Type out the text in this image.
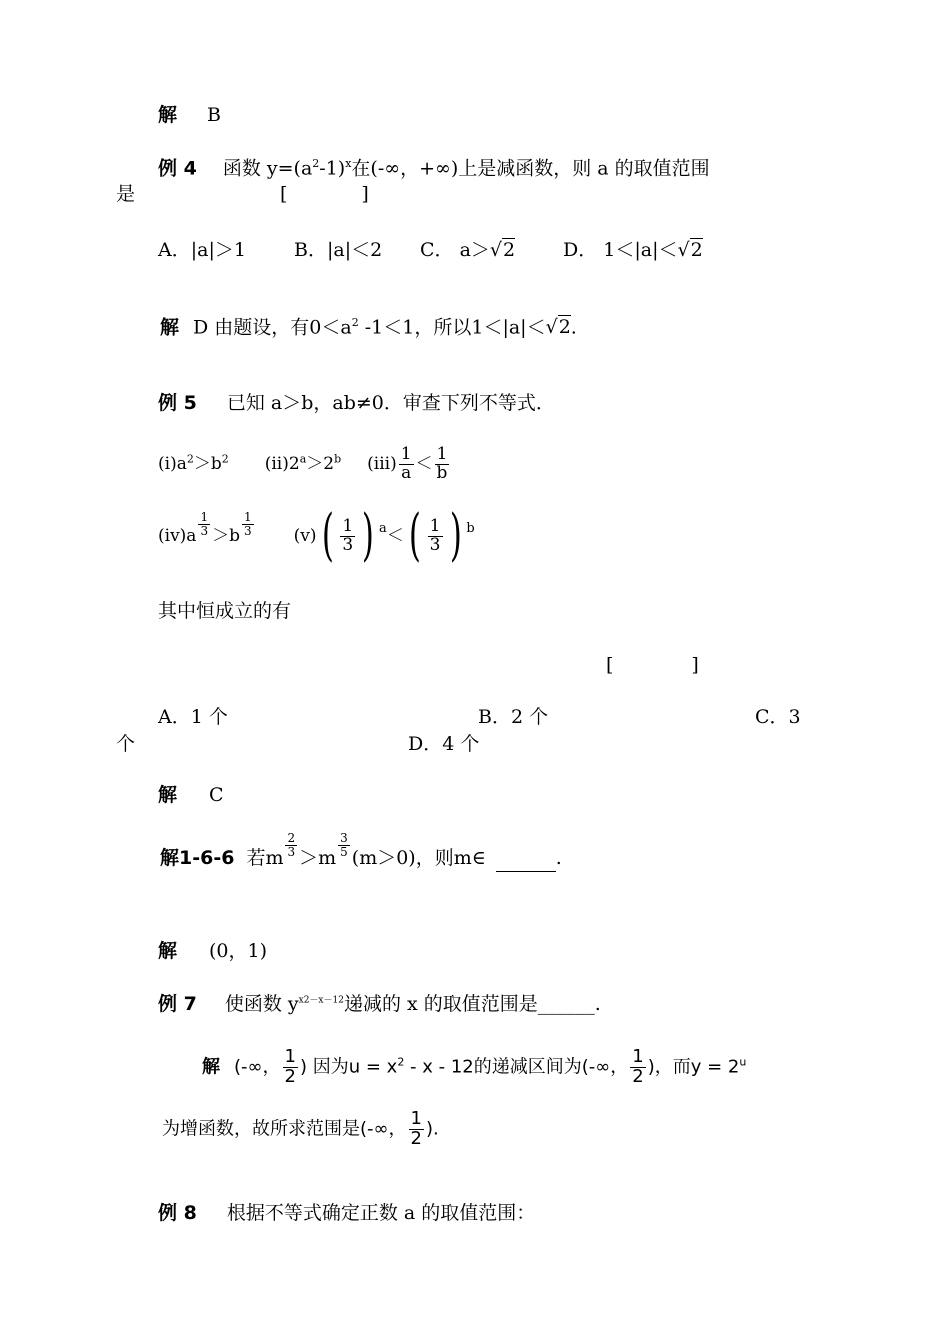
解 B
例 4 函数 $y=(a^2-1)^x$在(-∞，+∞)上是减函数，则 a 的取值范围
是	[	]
A．|a|＞1	B．|a|＜2 C． a＞√2	D． 1＜|a|＜√2
解 D 由题设，有$0<a^2$ -1＜1，所以1＜|a|＜√2.
例 5 已知 a＞b，ab≠0．审查下列不等式．
$(i)a^2>b^2$ $(ii)2^a>2^b$ $(iii) \frac{1}{a} < \frac{1}{b}$
$(iv)a \frac{1}{3} >b \frac{1}{3} (v)( \frac{1}{3}$ ) $^a<( \frac{1}{3}$ ) $^b$
其中恒成立的有
[	]
A．1 个	B．2 个	C．3
个	D．4 个
解 C
解1-6-6 若m $\frac{2}{3} >m \frac{3}{5} (m>0)$，则m∈	.
解 (0，1)
例 7 使函数 $y^{x2-x-12}$递减的 x 的取值范围是______.
解 (-∞， $\frac{1}{2}$ ) 因为$u = x^2 - x - 12$的递减区间为(-∞， $\frac{1}{2}$ )，而$y = 2^u$
为增函数，故所求范围是(-∞， $\frac{1}{2}$ ).
例 8 根据不等式确定正数 a 的取值范围：
